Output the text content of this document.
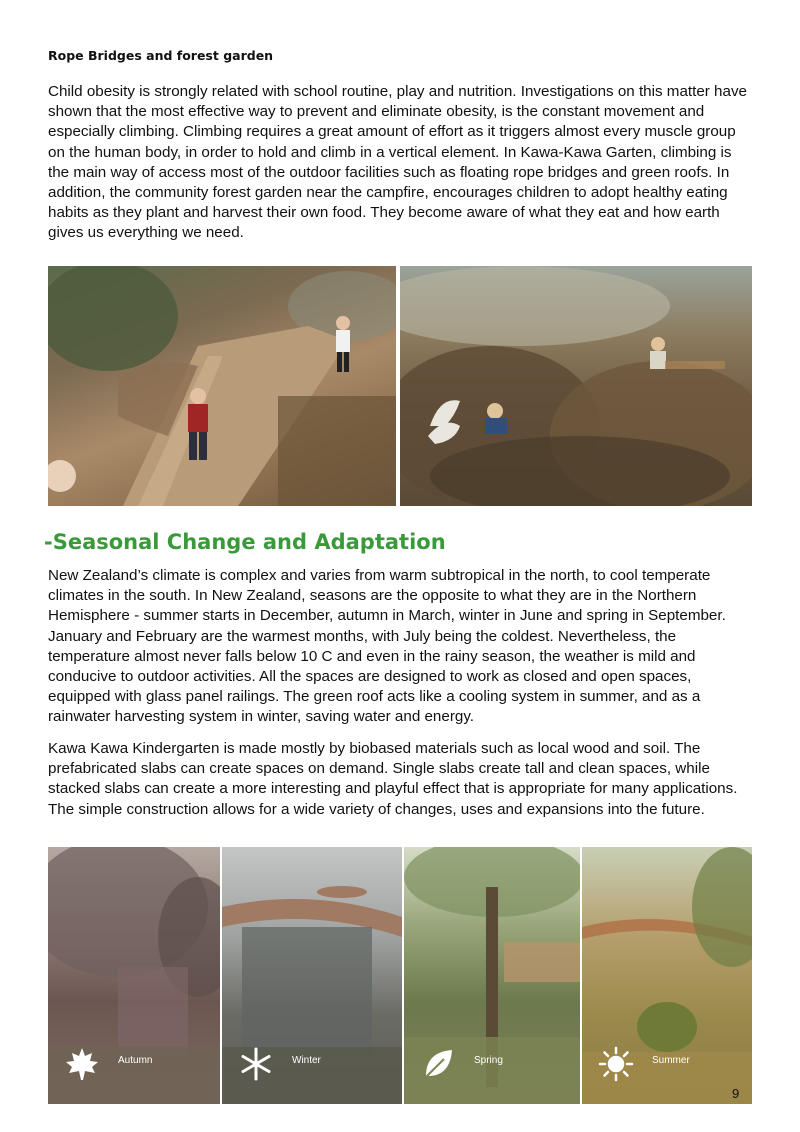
Rope Bridges and forest garden

Child obesity is strongly related with school routine, play and nutrition. Investigations on this matter have shown that the most effective way to prevent and eliminate obesity, is the constant movement and especially climbing. Climbing requires a great amount of effort as it triggers almost every muscle group on the human body, in order to hold and climb in a vertical element. In Kawa-Kawa Garten, climbing is the main way of access most of the outdoor facilities such as floating rope bridges and green roofs. In addition, the community forest garden near the campfire, encourages children to adopt healthy eating habits as they plant and harvest their own food. They become aware of what they eat and how earth gives us everything we need.

-Seasonal Change and Adaptation

New Zealand’s climate is complex and varies from warm subtropical in the north, to cool temperate climates in the south. In New Zealand, seasons are the opposite to what they are in the Northern Hemisphere - summer starts in December, autumn in March, winter in June and spring in September. January and February are the warmest months, with July being the coldest. Nevertheless, the temperature almost never falls below 10 C and even in the rainy season, the weather is mild and conducive to outdoor activities. All the spaces are designed to work as closed and open spaces, equipped with glass panel railings. The green roof acts like a cooling system in summer, and as a rainwater harvesting system in winter, saving water and energy.

Kawa Kawa Kindergarten is made mostly by biobased materials such as local wood and soil. The prefabricated slabs can create spaces on demand. Single slabs create tall and clean spaces, while stacked slabs can create a more interesting and playful effect that is appropriate for many applications. The simple construction allows for a wide variety of changes, uses and expansions into the future.

Autumn	Winter	Spring	Summer
9
